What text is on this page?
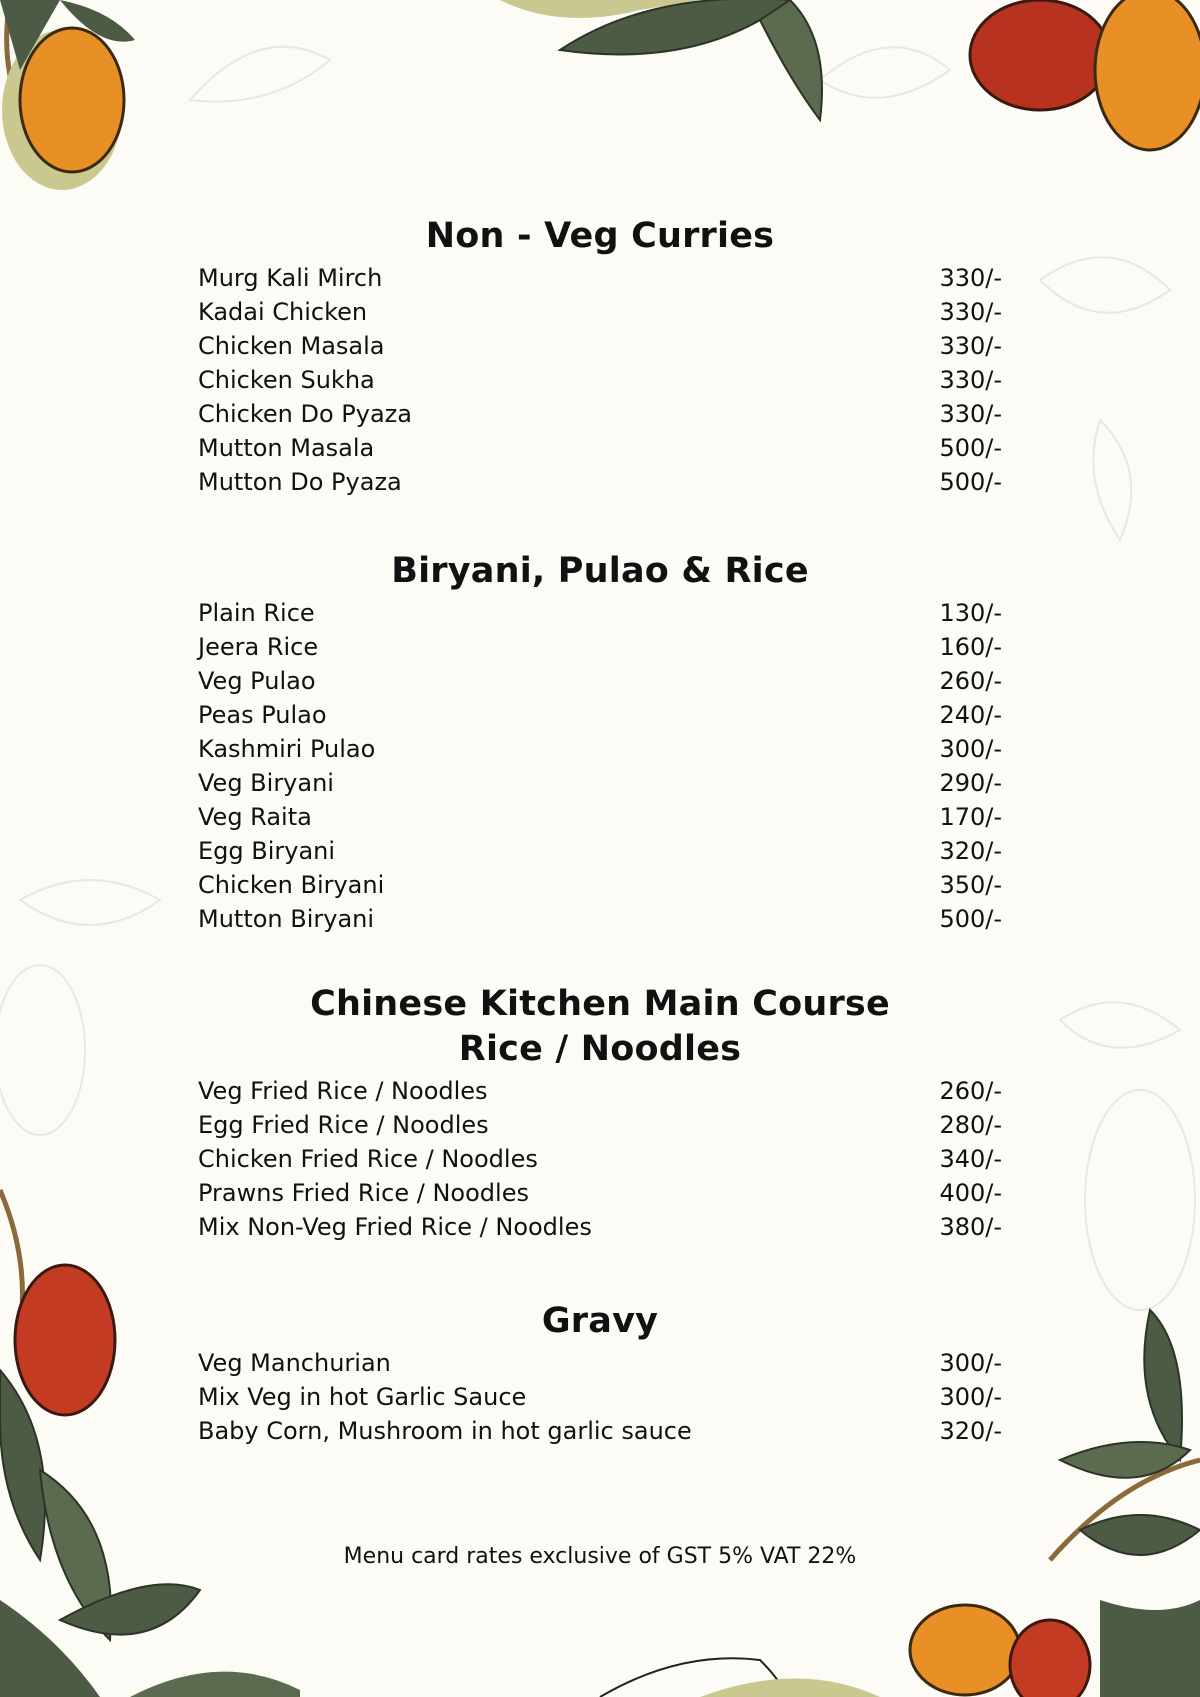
Non - Veg Curries
Murg Kali Mirch	330/-
Kadai Chicken	330/-
Chicken Masala	330/-
Chicken Sukha	330/-
Chicken Do Pyaza	330/-
Mutton Masala	500/-
Mutton Do Pyaza	500/-
Biryani, Pulao & Rice
Plain Rice	130/-
Jeera Rice	160/-
Veg Pulao	260/-
Peas Pulao	240/-
Kashmiri Pulao	300/-
Veg Biryani	290/-
Veg Raita	170/-
Egg Biryani	320/-
Chicken Biryani	350/-
Mutton Biryani	500/-
Chinese Kitchen Main Course
Rice / Noodles
Veg Fried Rice / Noodles	260/-
Egg Fried Rice / Noodles	280/-
Chicken Fried Rice / Noodles	340/-
Prawns Fried Rice / Noodles	400/-
Mix Non-Veg Fried Rice / Noodles	380/-
Gravy
Veg Manchurian	300/-
Mix Veg in hot Garlic Sauce	300/-
Baby Corn, Mushroom in hot garlic sauce	320/-
Menu card rates exclusive of GST 5% VAT 22%
